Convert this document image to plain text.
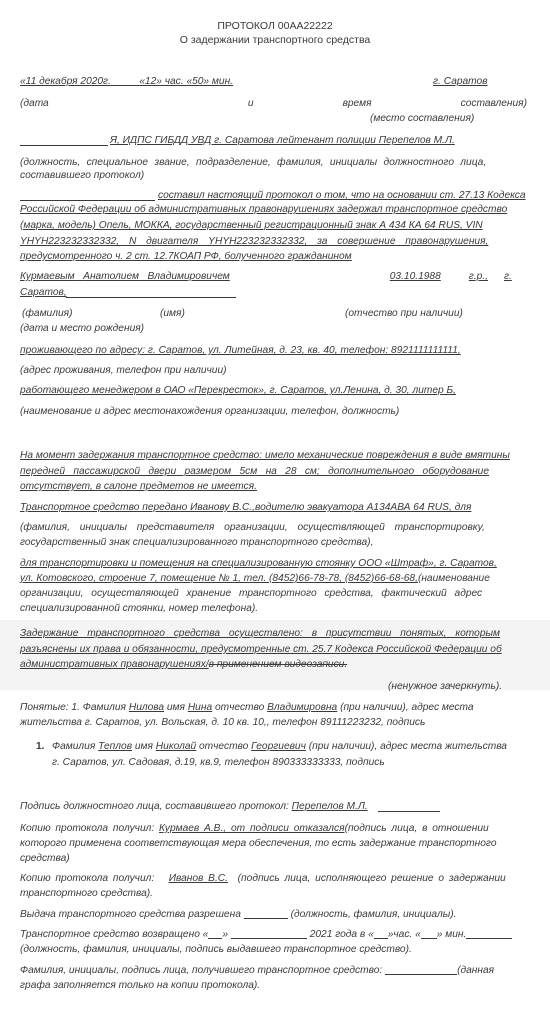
ПРОТОКОЛ 00АА22222
О задержании транспортного средства
«11 декабря 2020г.	«12» час. «50» мин.	г. Саратов
(дата	и	время	составления)
(место составления)
Я, ИДПС ГИБДД УВД г. Саратова лейтенант полиции Перепелов М.Л.
(должность, специальное звание, подразделение, фамилия, инициалы должностного лица,
составившего протокол)
составил настоящий протокол о том, что на основании ст. 27.13 Кодекса
Российской Федерации об административных правонарушениях задержал транспортное средство
(марка, модель) Опель, МОККА, государственный регистрационный знак А 434 КА 64 RUS, VIN
YHYH223232332332, N двигателя YHYH223232332332, за совершение правонарушения,
предусмотренного ч. 2 ст. 12.7КОАП РФ, болученного гражданином
Курмаевым Анатолием Владимировичем	03.10.1988	г.р., г.
Саратов,
(фамилия)	(имя)	(отчество при наличии)
(дата и место рождения)
проживающего по адресу: г. Саратов, ул. Литейная, д. 23, кв. 40, телефон: 8921111111111,
(адрес проживания, телефон при наличии)
работающего менеджером в ОАО «Перекресток», г. Саратов, ул.Ленина, д. 30, литер Б,
(наименование и адрес местонахождения организации, телефон, должность)
На момент задержания транспортное средство: имело механические повреждения в виде вмятины
передней пассажирской двери размером 5см на 28 см; дополнительного оборудование
отсутствует, в салоне предметов не имеется.
Транспортное средство передано Иванову В.С.,водителю эвакуатора А134АВА 64 RUS, для
(фамилия, инициалы представителя организации, осуществляющей транспортировку,
государственный знак специализированного транспортного средства),
для транспортировки и помещения на специализированную стоянку ООО «Штраф», г. Саратов,
ул. Котовского, строение 7, помещение № 1, тел. (8452)66-78-78, (8452)66-68-68,(наименование
организации, осуществляющей хранение транспортного средства, фактический адрес
специализированной стоянки, номер телефона).
Задержание транспортного средства осуществлено: в присутствии понятых, которым
разъяснены их права и обязанности, предусмотренные ст. 25.7 Кодекса Российской Федерации об
административных правонарушениях/в применением видеозаписи.
(ненужное зачеркнуть).
Понятые: 1. Фамилия Нилова имя Нина отчество Владимировна (при наличии), адрес места
жительства г. Саратов, ул. Вольская, д. 10 кв. 10,, телефон 89111223232, подпись
1. Фамилия Теплов имя Николай отчество Георгиевич (при наличии), адрес места жительства
г. Саратов, ул. Садовая, д.19, кв.9, телефон 890333333333, подпись
Подпись должностного лица, составившего протокол: Перепелов М.Л.
Копию протокола получил: Курмаев А.В., от подписи отказался(подпись лица, в отношении
которого применена соответствующая мера обеспечения, то есть задержание транспортного
средства)
Копию протокола получил: Иванов В.С. (подпись лица, исполняющего решение о задержании
транспортного средства).
Выдача транспортного средства разрешена	(должность, фамилия, инициалы).
Транспортное средство возвращено « »	2021 года в « »час. « » мин.
(должность, фамилия, инициалы, подпись выдавшего транспортное средство).
Фамилия, инициалы, подпись лица, получившего транспортное средство:	(данная
графа заполняется только на копии протокола).
